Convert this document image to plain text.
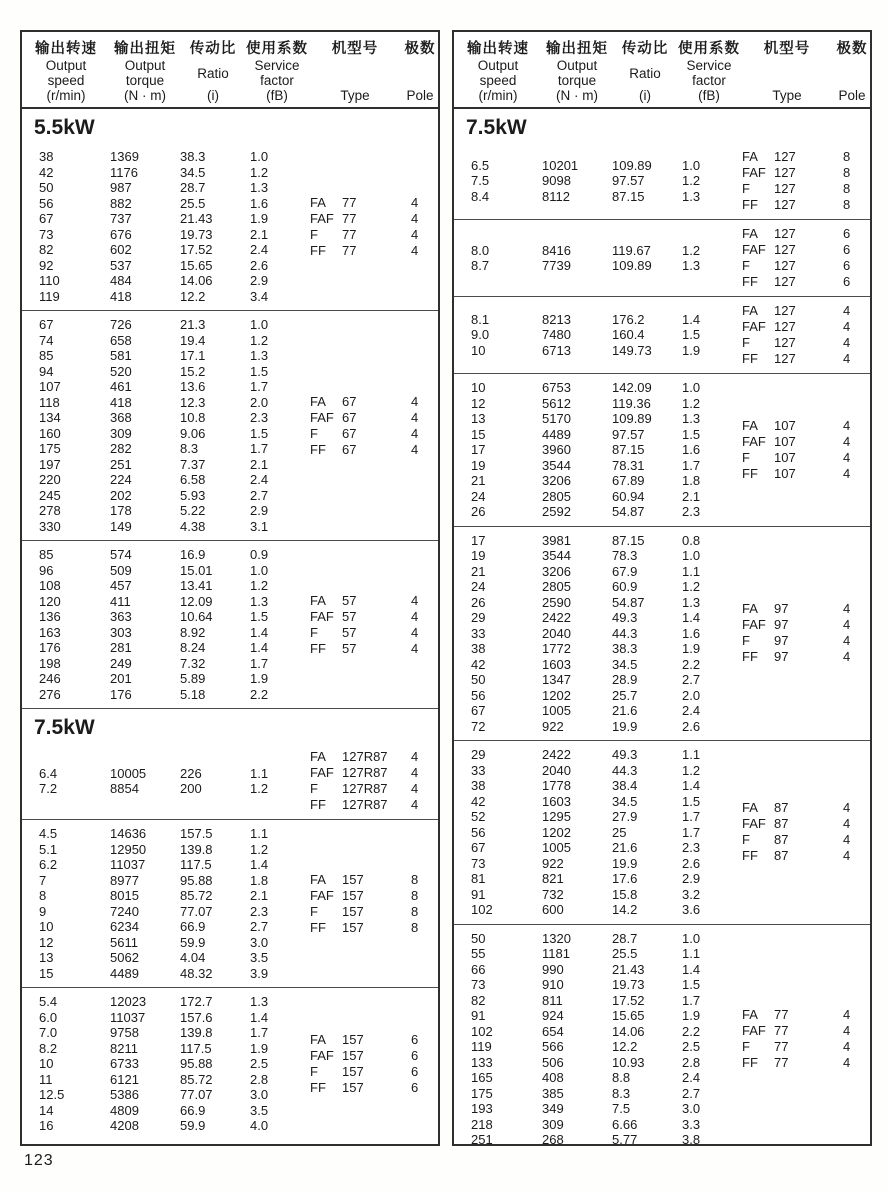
输出转速
Output
speed
(r/min)
输出扭矩
Output
torque
(N · m)
传动比
Ratio
(i)
使用系数
Service
factor
(fB)
机型号
Type
极数
Pole
5.5kW
38	1369	38.3	1.0
42	1176	34.5	1.2
50	987	28.7	1.3
56	882	25.5	1.6
67	737	21.43	1.9
73	676	19.73	2.1
82	602	17.52	2.4
92	537	15.65	2.6
110	484	14.06	2.9
119	418	12.2	3.4
FA	77	4
FAF 77	4
F	77	4
FF	77	4
67	726	21.3	1.0
74	658	19.4	1.2
85	581	17.1	1.3
94	520	15.2	1.5
107	461	13.6	1.7
118	418	12.3	2.0
134	368	10.8	2.3
160	309	9.06	1.5
175	282	8.3	1.7
197	251	7.37	2.1
220	224	6.58	2.4
245	202	5.93	2.7
278	178	5.22	2.9
330	149	4.38	3.1
FA	67	4
FAF 67	4
F	67	4
FF	67	4
85	574	16.9	0.9
96	509	15.01	1.0
108	457	13.41	1.2
120	411	12.09	1.3
136	363	10.64	1.5
163	303	8.92	1.4
176	281	8.24	1.4
198	249	7.32	1.7
246	201	5.89	1.9
276	176	5.18	2.2
FA	57	4
FAF 57	4
F	57	4
FF	57	4
7.5kW
6.4	10005	226	1.1
7.2	8854	200	1.2
FA	127R87	4
FAF 127R87	4
F	127R87	4
FF	127R87	4
4.5	14636	157.5	1.1
5.1	12950	139.8	1.2
6.2	11037	117.5	1.4
7	8977	95.88	1.8
8	8015	85.72	2.1
9	7240	77.07	2.3
10	6234	66.9	2.7
12	5611	59.9	3.0
13	5062	4.04	3.5
15	4489	48.32	3.9
FA	157	8
FAF 157	8
F	157	8
FF	157	8
5.4	12023	172.7	1.3
6.0	11037	157.6	1.4
7.0	9758	139.8	1.7
8.2	8211	117.5	1.9
10	6733	95.88	2.5
11	6121	85.72	2.8
12.5	5386	77.07	3.0
14	4809	66.9	3.5
16	4208	59.9	4.0
FA	157	6
FAF 157	6
F	157	6
FF	157	6
输出转速
Output
speed
(r/min)
输出扭矩
Output
torque
(N · m)
传动比
Ratio
(i)
使用系数
Service
factor
(fB)
机型号
Type
极数
Pole
7.5kW
6.5	10201	109.89	1.0
7.5	9098	97.57	1.2
8.4	8112	87.15	1.3
FA	127	8
FAF 127	8
F	127	8
FF	127	8
8.0	8416	119.67	1.2
8.7	7739	109.89	1.3
FA	127	6
FAF 127	6
F	127	6
FF	127	6
8.1	8213	176.2	1.4
9.0	7480	160.4	1.5
10	6713	149.73	1.9
FA	127	4
FAF 127	4
F	127	4
FF	127	4
10	6753	142.09	1.0
12	5612	119.36	1.2
13	5170	109.89	1.3
15	4489	97.57	1.5
17	3960	87.15	1.6
19	3544	78.31	1.7
21	3206	67.89	1.8
24	2805	60.94	2.1
26	2592	54.87	2.3
FA	107	4
FAF 107	4
F	107	4
FF	107	4
17	3981	87.15	0.8
19	3544	78.3	1.0
21	3206	67.9	1.1
24	2805	60.9	1.2
26	2590	54.87	1.3
29	2422	49.3	1.4
33	2040	44.3	1.6
38	1772	38.3	1.9
42	1603	34.5	2.2
50	1347	28.9	2.7
56	1202	25.7	2.0
67	1005	21.6	2.4
72	922	19.9	2.6
FA	97	4
FAF 97	4
F	97	4
FF	97	4
29	2422	49.3	1.1
33	2040	44.3	1.2
38	1778	38.4	1.4
42	1603	34.5	1.5
52	1295	27.9	1.7
56	1202	25	1.7
67	1005	21.6	2.3
73	922	19.9	2.6
81	821	17.6	2.9
91	732	15.8	3.2
102	600	14.2	3.6
FA	87	4
FAF 87	4
F	87	4
FF	87	4
50	1320	28.7	1.0
55	1181	25.5	1.1
66	990	21.43	1.4
73	910	19.73	1.5
82	811	17.52	1.7
91	924	15.65	1.9
102	654	14.06	2.2
119	566	12.2	2.5
133	506	10.93	2.8
165	408	8.8	2.4
175	385	8.3	2.7
193	349	7.5	3.0
218	309	6.66	3.3
251	268	5.77	3.8
FA	77	4
FAF 77	4
F	77	4
FF	77	4
123
